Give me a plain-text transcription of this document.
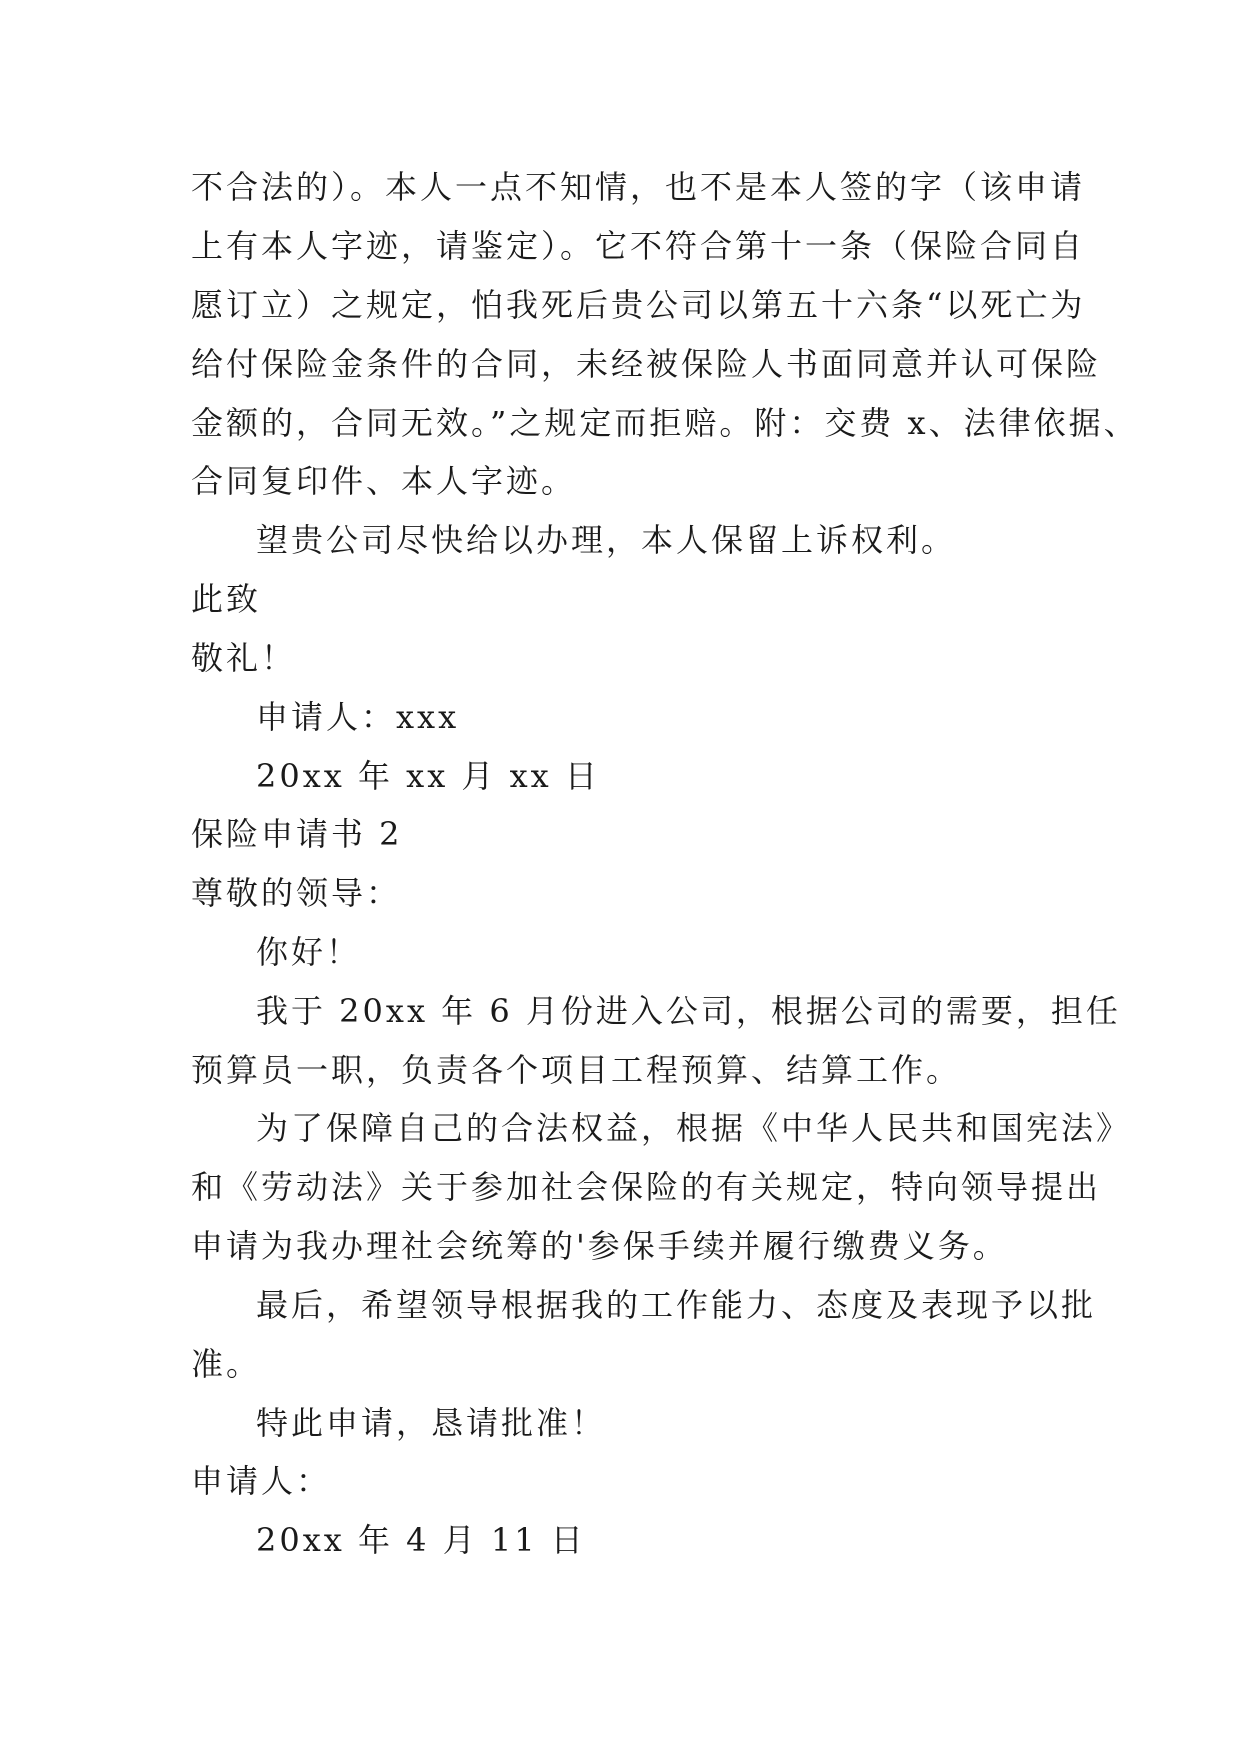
不合法的）。本人一点不知情，也不是本人签的字（该申请
上有本人字迹，请鉴定）。它不符合第十一条（保险合同自
愿订立）之规定，怕我死后贵公司以第五十六条“以死亡为
给付保险金条件的合同，未经被保险人书面同意并认可保险
金额的，合同无效。”之规定而拒赔。附：交费 x、法律依据、
合同复印件、本人字迹。
望贵公司尽快给以办理，本人保留上诉权利。
此致
敬礼！
申请人：xxx
20xx 年 xx 月 xx 日
保险申请书 2
尊敬的领导：
你好！
我于 20xx 年 6 月份进入公司，根据公司的需要，担任
预算员一职，负责各个项目工程预算、结算工作。
为了保障自己的合法权益，根据《中华人民共和国宪法》
和《劳动法》关于参加社会保险的有关规定，特向领导提出
申请为我办理社会统筹的'参保手续并履行缴费义务。
最后，希望领导根据我的工作能力、态度及表现予以批
准。
特此申请，恳请批准！
申请人：
20xx 年 4 月 11 日
